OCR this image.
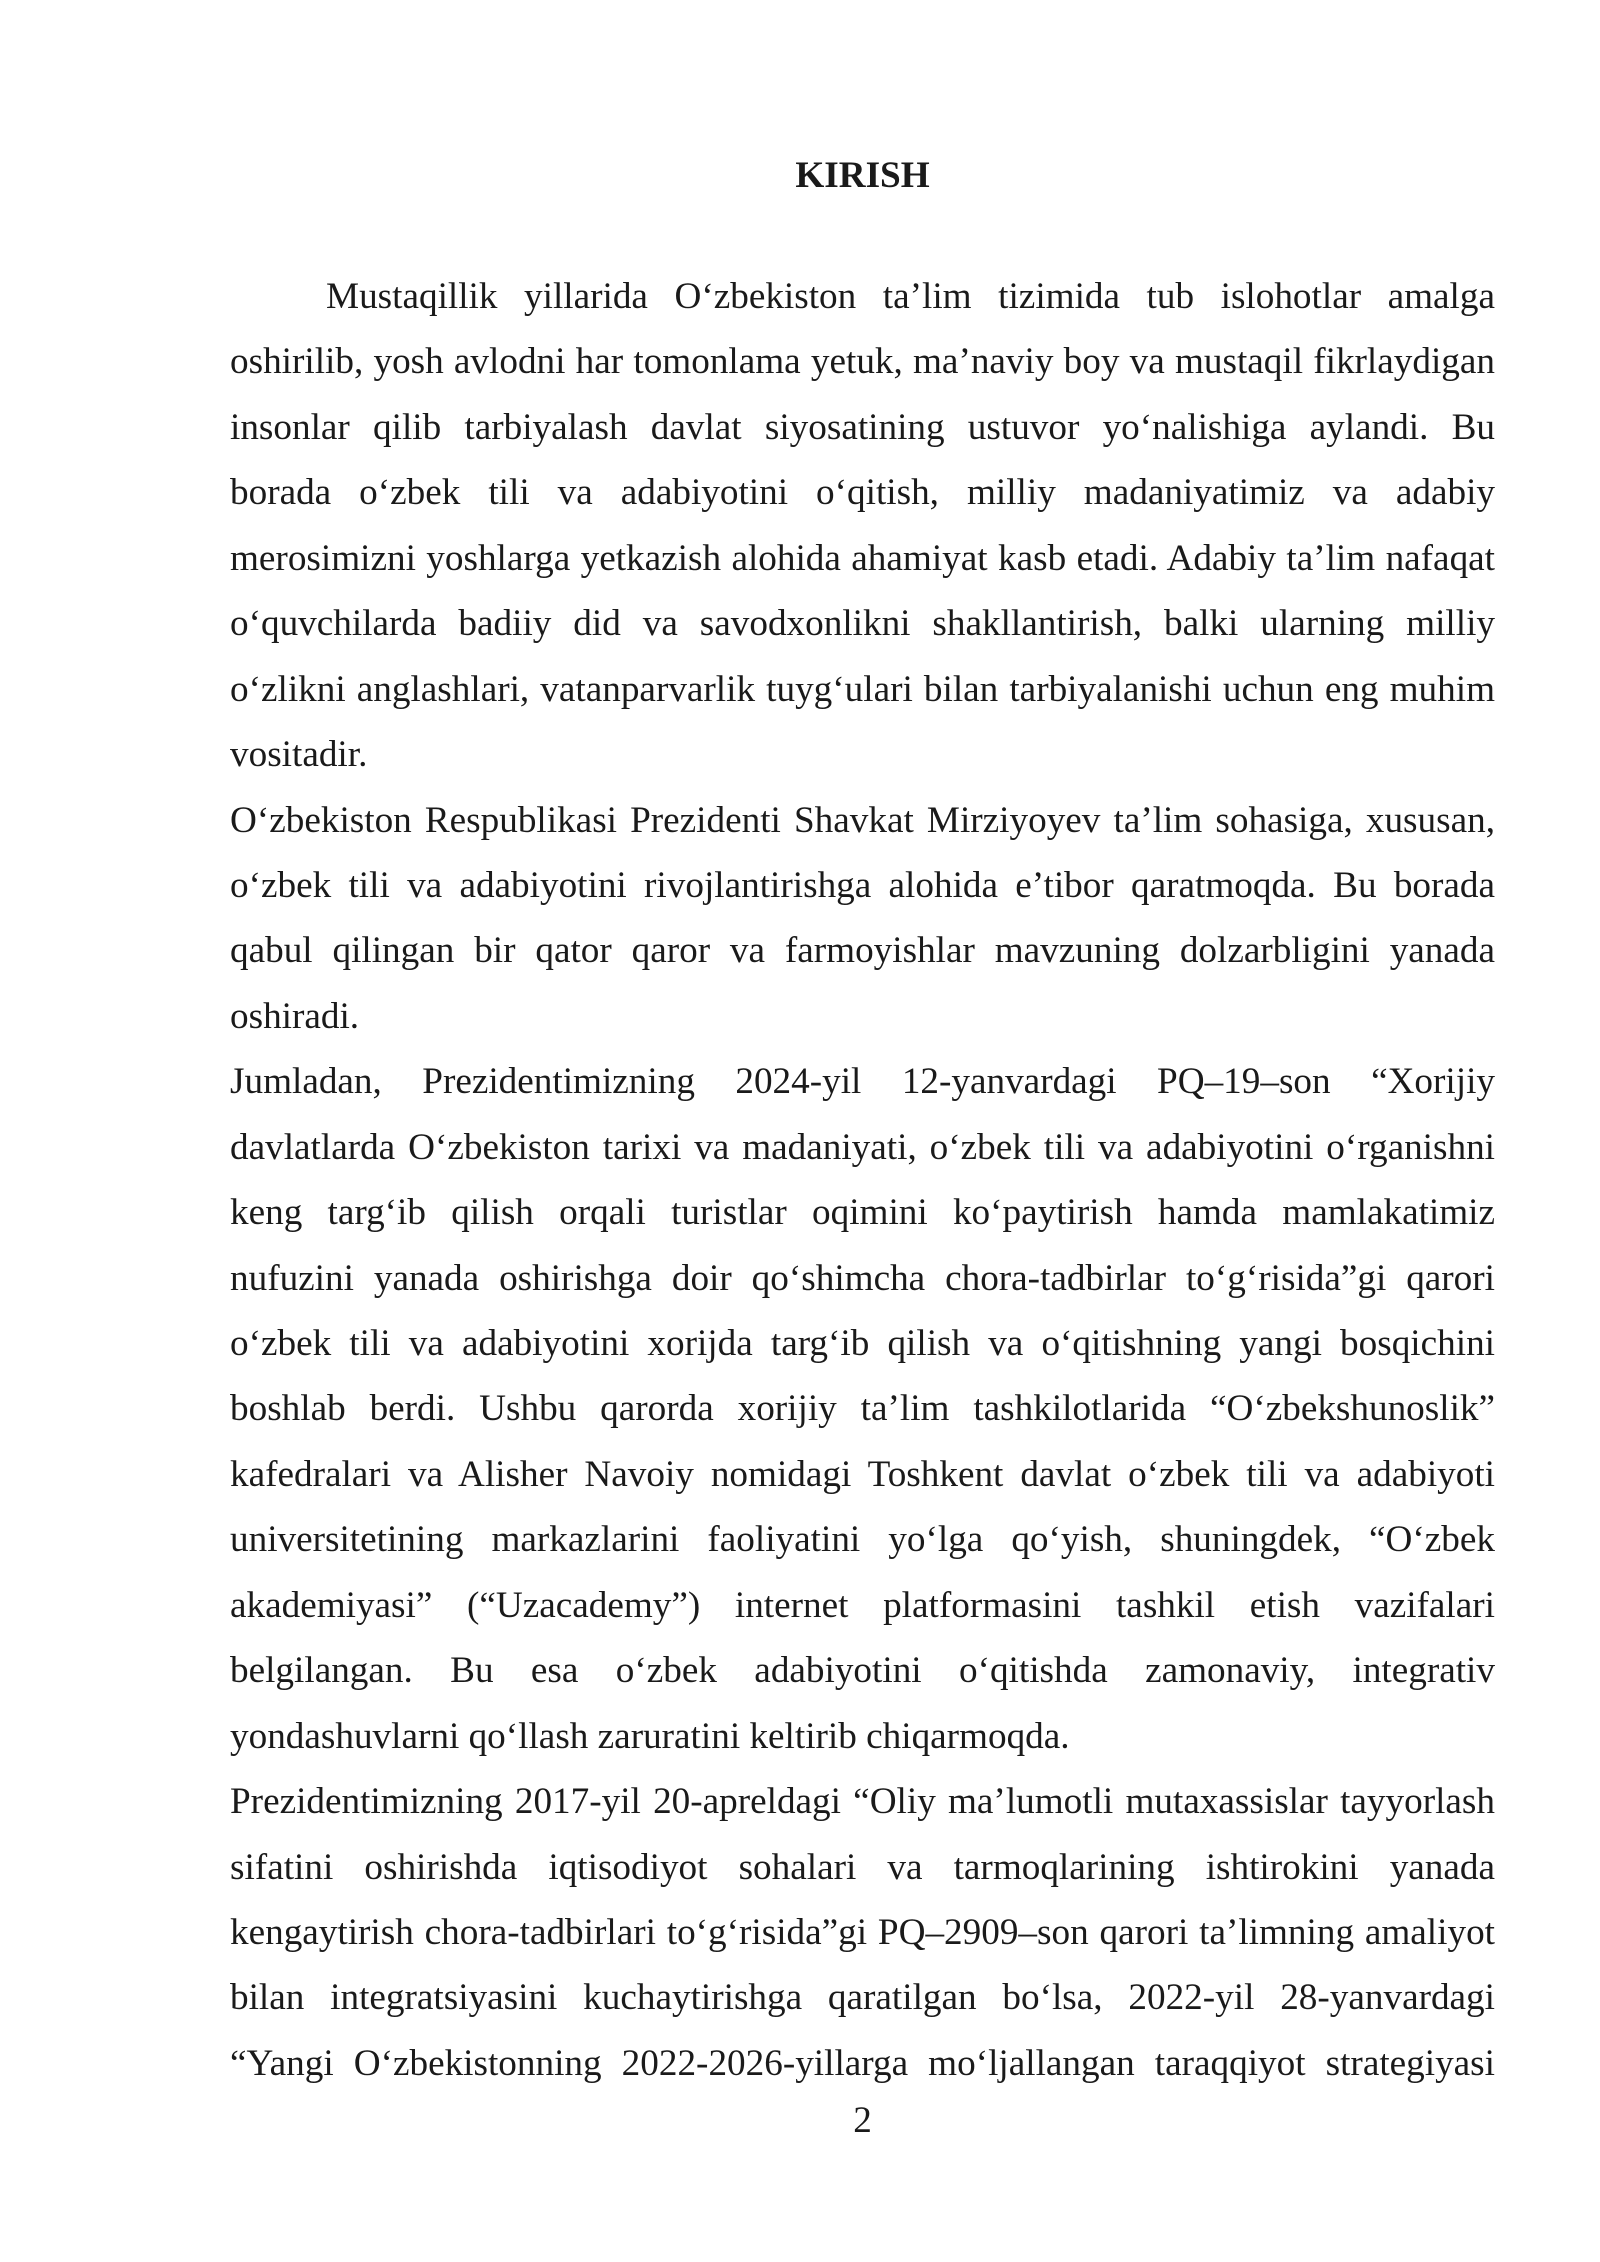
KIRISH
Mustaqillik yillarida O‘zbekiston ta’lim tizimida tub islohotlar amalga
oshirilib, yosh avlodni har tomonlama yetuk, ma’naviy boy va mustaqil fikrlaydigan
insonlar qilib tarbiyalash davlat siyosatining ustuvor yo‘nalishiga aylandi. Bu
borada o‘zbek tili va adabiyotini o‘qitish, milliy madaniyatimiz va adabiy
merosimizni yoshlarga yetkazish alohida ahamiyat kasb etadi. Adabiy ta’lim nafaqat
o‘quvchilarda badiiy did va savodxonlikni shakllantirish, balki ularning milliy
o‘zlikni anglashlari, vatanparvarlik tuyg‘ulari bilan tarbiyalanishi uchun eng muhim
vositadir.
O‘zbekiston Respublikasi Prezidenti Shavkat Mirziyoyev ta’lim sohasiga, xususan,
o‘zbek tili va adabiyotini rivojlantirishga alohida e’tibor qaratmoqda. Bu borada
qabul qilingan bir qator qaror va farmoyishlar mavzuning dolzarbligini yanada
oshiradi.
Jumladan, Prezidentimizning 2024-yil 12-yanvardagi PQ–19–son “Xorijiy
davlatlarda O‘zbekiston tarixi va madaniyati, o‘zbek tili va adabiyotini o‘rganishni
keng targ‘ib qilish orqali turistlar oqimini ko‘paytirish hamda mamlakatimiz
nufuzini yanada oshirishga doir qo‘shimcha chora-tadbirlar to‘g‘risida”gi qarori
o‘zbek tili va adabiyotini xorijda targ‘ib qilish va o‘qitishning yangi bosqichini
boshlab berdi. Ushbu qarorda xorijiy ta’lim tashkilotlarida “O‘zbekshunoslik”
kafedralari va Alisher Navoiy nomidagi Toshkent davlat o‘zbek tili va adabiyoti
universitetining markazlarini faoliyatini yo‘lga qo‘yish, shuningdek, “O‘zbek
akademiyasi” (“Uzacademy”) internet platformasini tashkil etish vazifalari
belgilangan. Bu esa o‘zbek adabiyotini o‘qitishda zamonaviy, integrativ
yondashuvlarni qo‘llash zaruratini keltirib chiqarmoqda.
Prezidentimizning 2017-yil 20-apreldagi “Oliy ma’lumotli mutaxassislar tayyorlash
sifatini oshirishda iqtisodiyot sohalari va tarmoqlarining ishtirokini yanada
kengaytirish chora-tadbirlari to‘g‘risida”gi PQ–2909–son qarori ta’limning amaliyot
bilan integratsiyasini kuchaytirishga qaratilgan bo‘lsa, 2022-yil 28-yanvardagi
“Yangi O‘zbekistonning 2022-2026-yillarga mo‘ljallangan taraqqiyot strategiyasi
2
